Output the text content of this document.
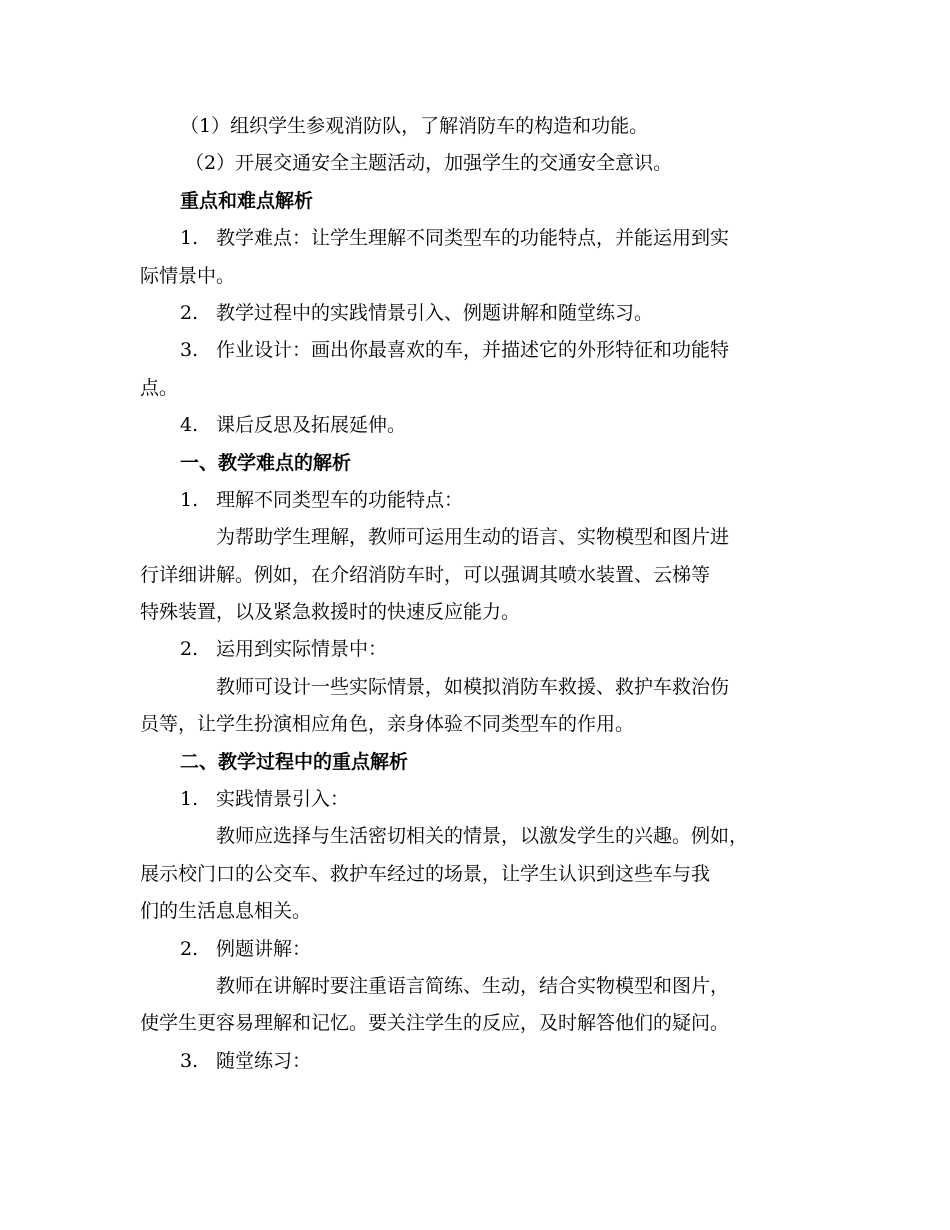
（1）组织学生参观消防队，了解消防车的构造和功能。
（2）开展交通安全主题活动，加强学生的交通安全意识。
重点和难点解析
1. 教学难点：让学生理解不同类型车的功能特点，并能运用到实
际情景中。
2. 教学过程中的实践情景引入、例题讲解和随堂练习。
3. 作业设计：画出你最喜欢的车，并描述它的外形特征和功能特
点。
4. 课后反思及拓展延伸。
一、教学难点的解析
1. 理解不同类型车的功能特点：
为帮助学生理解，教师可运用生动的语言、实物模型和图片进
行详细讲解。例如，在介绍消防车时，可以强调其喷水装置、云梯等
特殊装置，以及紧急救援时的快速反应能力。
2. 运用到实际情景中：
教师可设计一些实际情景，如模拟消防车救援、救护车救治伤
员等，让学生扮演相应角色，亲身体验不同类型车的作用。
二、教学过程中的重点解析
1. 实践情景引入：
教师应选择与生活密切相关的情景，以激发学生的兴趣。例如，
展示校门口的公交车、救护车经过的场景，让学生认识到这些车与我
们的生活息息相关。
2. 例题讲解：
教师在讲解时要注重语言简练、生动，结合实物模型和图片，
使学生更容易理解和记忆。要关注学生的反应，及时解答他们的疑问。
3. 随堂练习：
